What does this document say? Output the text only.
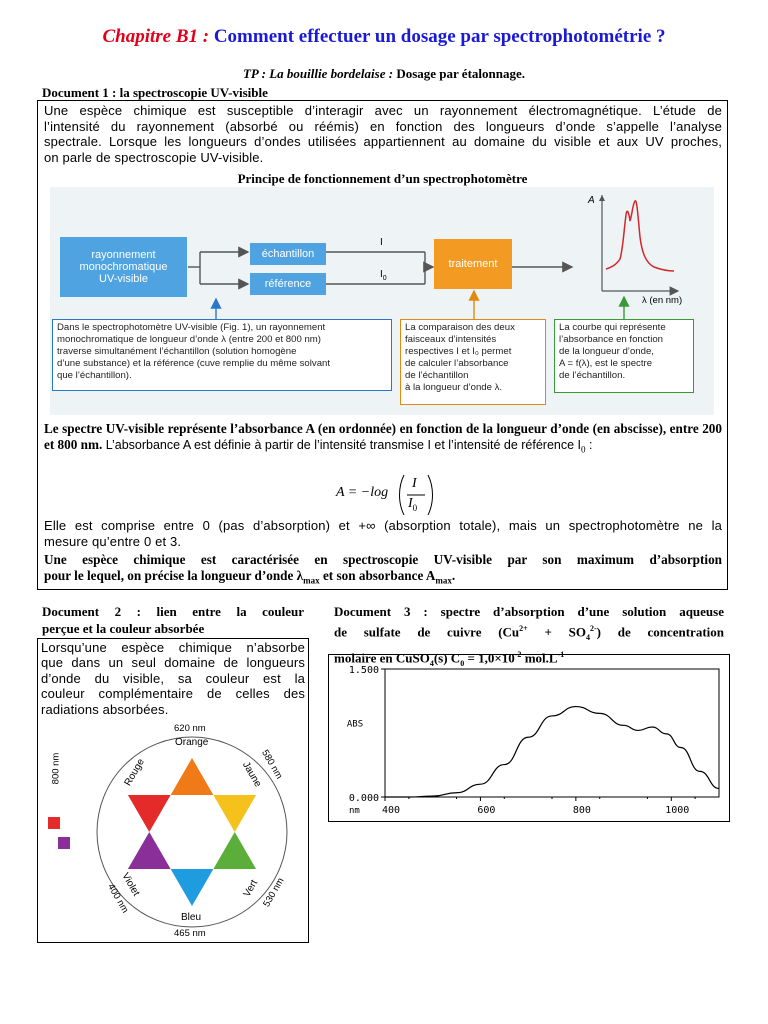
Chapitre B1 : Comment effectuer un dosage par spectrophotométrie ?
TP : La bouillie bordelaise : Dosage par étalonnage.
Document 1 : la spectroscopie UV-visible
Une espèce chimique est susceptible d’interagir avec un rayonnement électromagnétique. L’étude de
l’intensité du rayonnement (absorbé ou réémis) en fonction des longueurs d’onde s’appelle l’analyse
spectrale. Lorsque les longueurs d’ondes utilisées appartiennent au domaine du visible et aux UV proches,
on parle de spectroscopie UV-visible.
Principe de fonctionnement d’un spectrophotomètre
rayonnement
monochromatique
UV-visible
échantillon
référence
traitement
I
$I_0$
A
λ (en nm)
Dans le spectrophotomètre UV-visible (Fig. 1), un rayonnement
monochromatique de longueur d’onde λ (entre 200 et 800 nm)
traverse simultanément l’échantillon (solution homogène
d’une substance) et la référence (cuve remplie du même solvant
que l’échantillon).
La comparaison des deux
faisceaux d’intensités
respectives I et I₀ permet
de calculer l’absorbance
de l’échantillon
à la longueur d’onde λ.
La courbe qui représente
l’absorbance en fonction
de la longueur d’onde,
A = f(λ), est le spectre
de l’échantillon.
Le spectre UV-visible représente l’absorbance A (en ordonnée) en fonction de la longueur d’onde (en abscisse), entre 200 et 800 nm. L’absorbance A est définie à partir de l’intensité transmise I et l’intensité de référence $I_0$ :
A = −log
I
$I_0$
Elle est comprise entre 0 (pas d’absorption) et +∞ (absorption totale), mais un spectrophotomètre ne la
mesure qu’entre 0 et 3.
Une espèce chimique est caractérisée en spectroscopie UV-visible par son maximum d’absorption
pour le lequel, on précise la longueur d’onde $\lambda_{max}$ et son absorbance $A_{max}$.
Document 2 : lien entre la couleur
perçue et la couleur absorbée
Lorsqu’une espèce chimique n’absorbe
que dans un seul domaine de longueurs
d’onde du visible, sa couleur est la
couleur complémentaire de celles des
radiations absorbées.
620 nm
Orange
Jaune
580 nm
Rouge
800 nm
Violet
400 nm	Vert 530 nm
Bleu
465 nm
Document 3 : spectre d’absorption d’une solution aqueuse
de sulfate de cuivre $(Cu^{2+} + SO_4^{2-})$ de concentration
molaire en CuSO$_4$(s) $C_0 = 1,0\times 10^{-2}$ $mol.L^{-1}$
1.500
0.000
ABS
400	600	800	1000
nm
